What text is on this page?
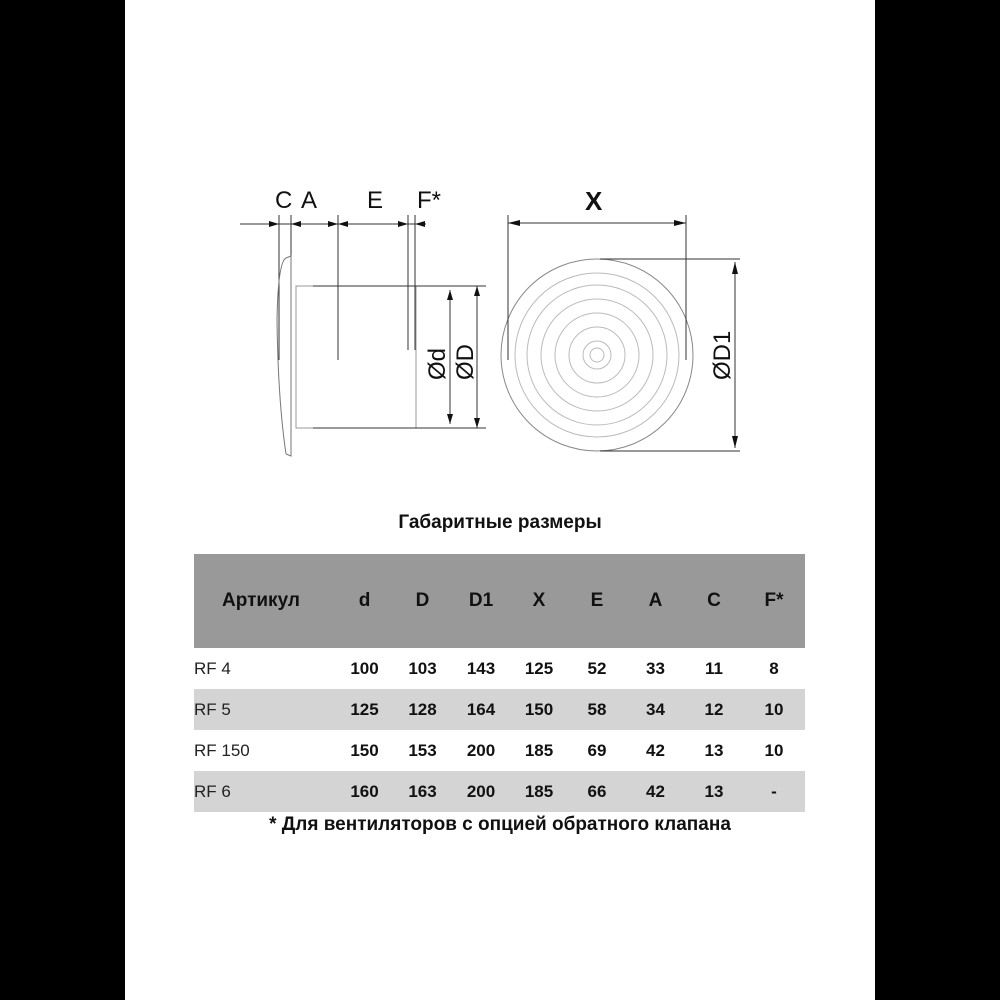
C A E F*	X
Ød ØD	ØD1
Габаритные размеры
Артикул	d	D	D1	X	E	A	C	F*
RF 4	100	103	143	125	52	33	11	8
RF 5	125	128	164	150	58	34	12	10
RF 150	150	153	200	185	69	42	13	10
RF 6	160	163	200	185	66	42	13	-
* Для вентиляторов с опцией обратного клапана
